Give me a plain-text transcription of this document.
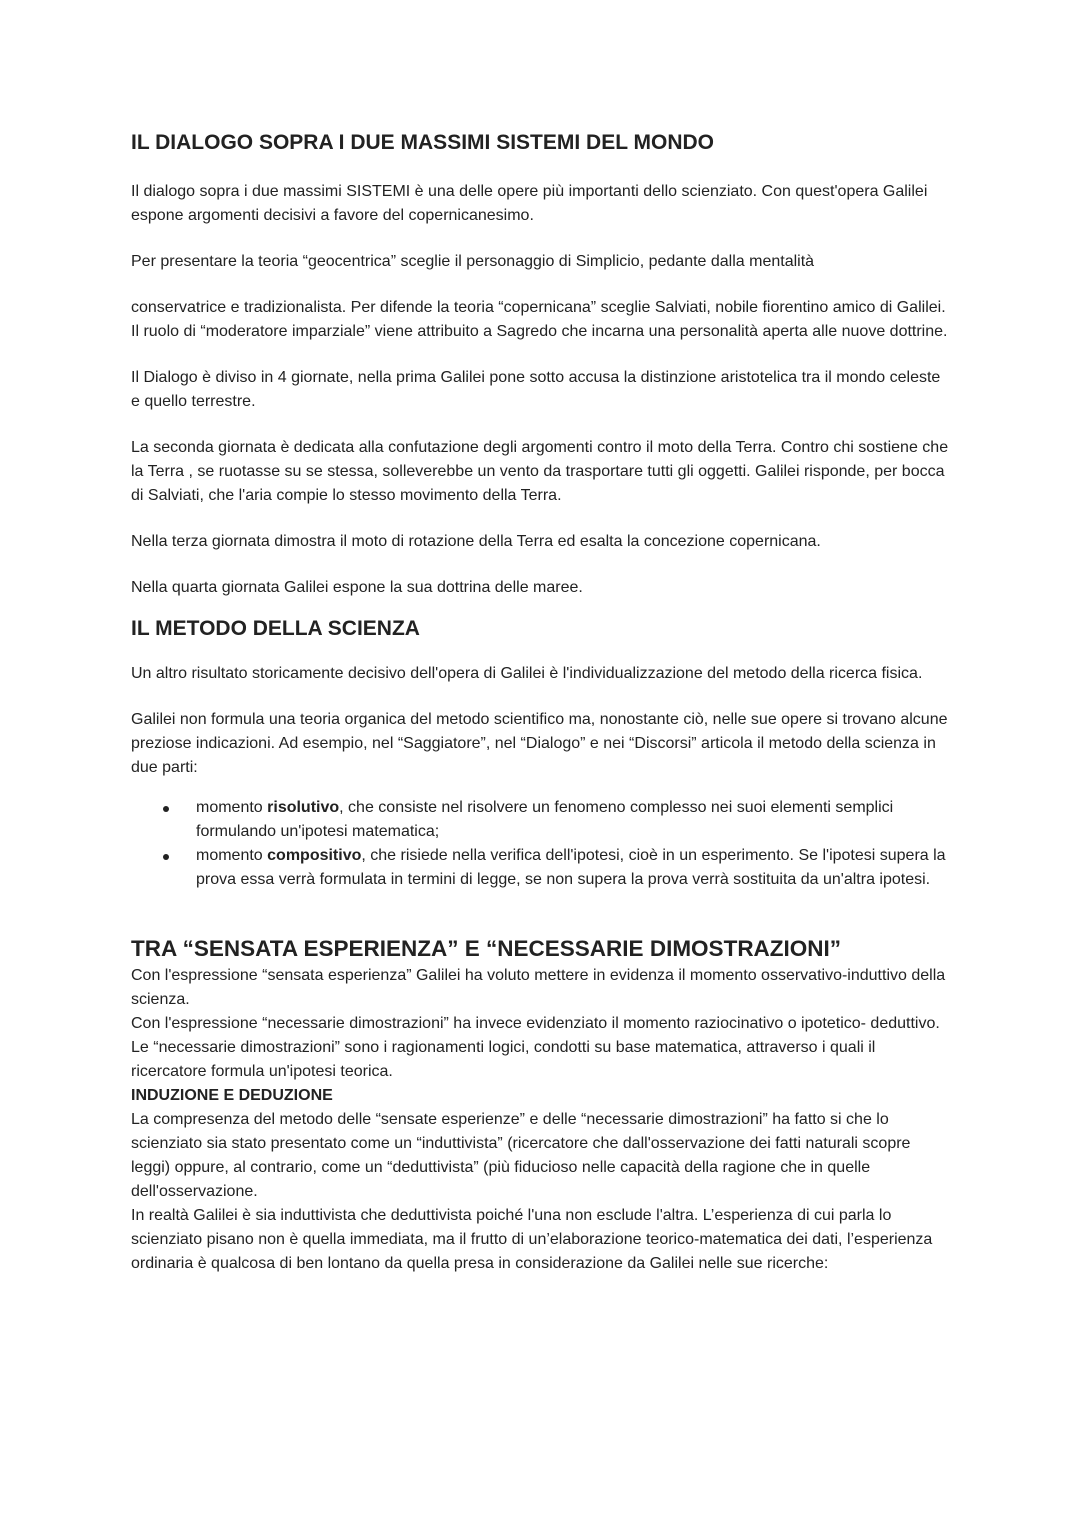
IL DIALOGO SOPRA I DUE MASSIMI SISTEMI DEL MONDO

Il dialogo sopra i due massimi SISTEMI è una delle opere più importanti dello scienziato. Con quest'opera Galilei espone argomenti decisivi a favore del copernicanesimo.

Per presentare la teoria “geocentrica” sceglie il personaggio di Simplicio, pedante dalla mentalità

conservatrice e tradizionalista. Per difende la teoria “copernicana” sceglie Salviati, nobile fiorentino amico di Galilei. Il ruolo di “moderatore imparziale” viene attribuito a Sagredo che incarna una personalità aperta alle nuove dottrine.

Il Dialogo è diviso in 4 giornate, nella prima Galilei pone sotto accusa la distinzione aristotelica tra il mondo celeste e quello terrestre.

La seconda giornata è dedicata alla confutazione degli argomenti contro il moto della Terra. Contro chi sostiene che la Terra , se ruotasse su se stessa, solleverebbe un vento da trasportare tutti gli oggetti. Galilei risponde, per bocca di Salviati, che l'aria compie lo stesso movimento della Terra.

Nella terza giornata dimostra il moto di rotazione della Terra ed esalta la concezione copernicana.

Nella quarta giornata Galilei espone la sua dottrina delle maree.

IL METODO DELLA SCIENZA

Un altro risultato storicamente decisivo dell'opera di Galilei è l'individualizzazione del metodo della ricerca fisica.

Galilei non formula una teoria organica del metodo scientifico ma, nonostante ciò, nelle sue opere si trovano alcune preziose indicazioni. Ad esempio, nel “Saggiatore”, nel “Dialogo” e nei “Discorsi” articola il metodo della scienza in due parti:

momento risolutivo, che consiste nel risolvere un fenomeno complesso nei suoi elementi semplici formulando un'ipotesi matematica;
momento compositivo, che risiede nella verifica dell'ipotesi, cioè in un esperimento. Se l'ipotesi supera la prova essa verrà formulata in termini di legge, se non supera la prova verrà sostituita da un'altra ipotesi.
TRA “SENSATA ESPERIENZA” E “NECESSARIE DIMOSTRAZIONI”

Con l'espressione “sensata esperienza” Galilei ha voluto mettere in evidenza il momento osservativo-induttivo della scienza.

Con l'espressione “necessarie dimostrazioni” ha invece evidenziato il momento raziocinativo o ipotetico- deduttivo. Le “necessarie dimostrazioni” sono i ragionamenti logici, condotti su base matematica, attraverso i quali il ricercatore formula un'ipotesi teorica.

INDUZIONE E DEDUZIONE

La compresenza del metodo delle “sensate esperienze” e delle “necessarie dimostrazioni” ha fatto si che lo scienziato sia stato presentato come un “induttivista” (ricercatore che dall'osservazione dei fatti naturali scopre leggi) oppure, al contrario, come un “deduttivista” (più fiducioso nelle capacità della ragione che in quelle dell'osservazione.

In realtà Galilei è sia induttivista che deduttivista poiché l'una non esclude l'altra. L’esperienza di cui parla lo scienziato pisano non è quella immediata, ma il frutto di un’elaborazione teorico-matematica dei dati, l’esperienza ordinaria è qualcosa di ben lontano da quella presa in considerazione da Galilei nelle sue ricerche:
